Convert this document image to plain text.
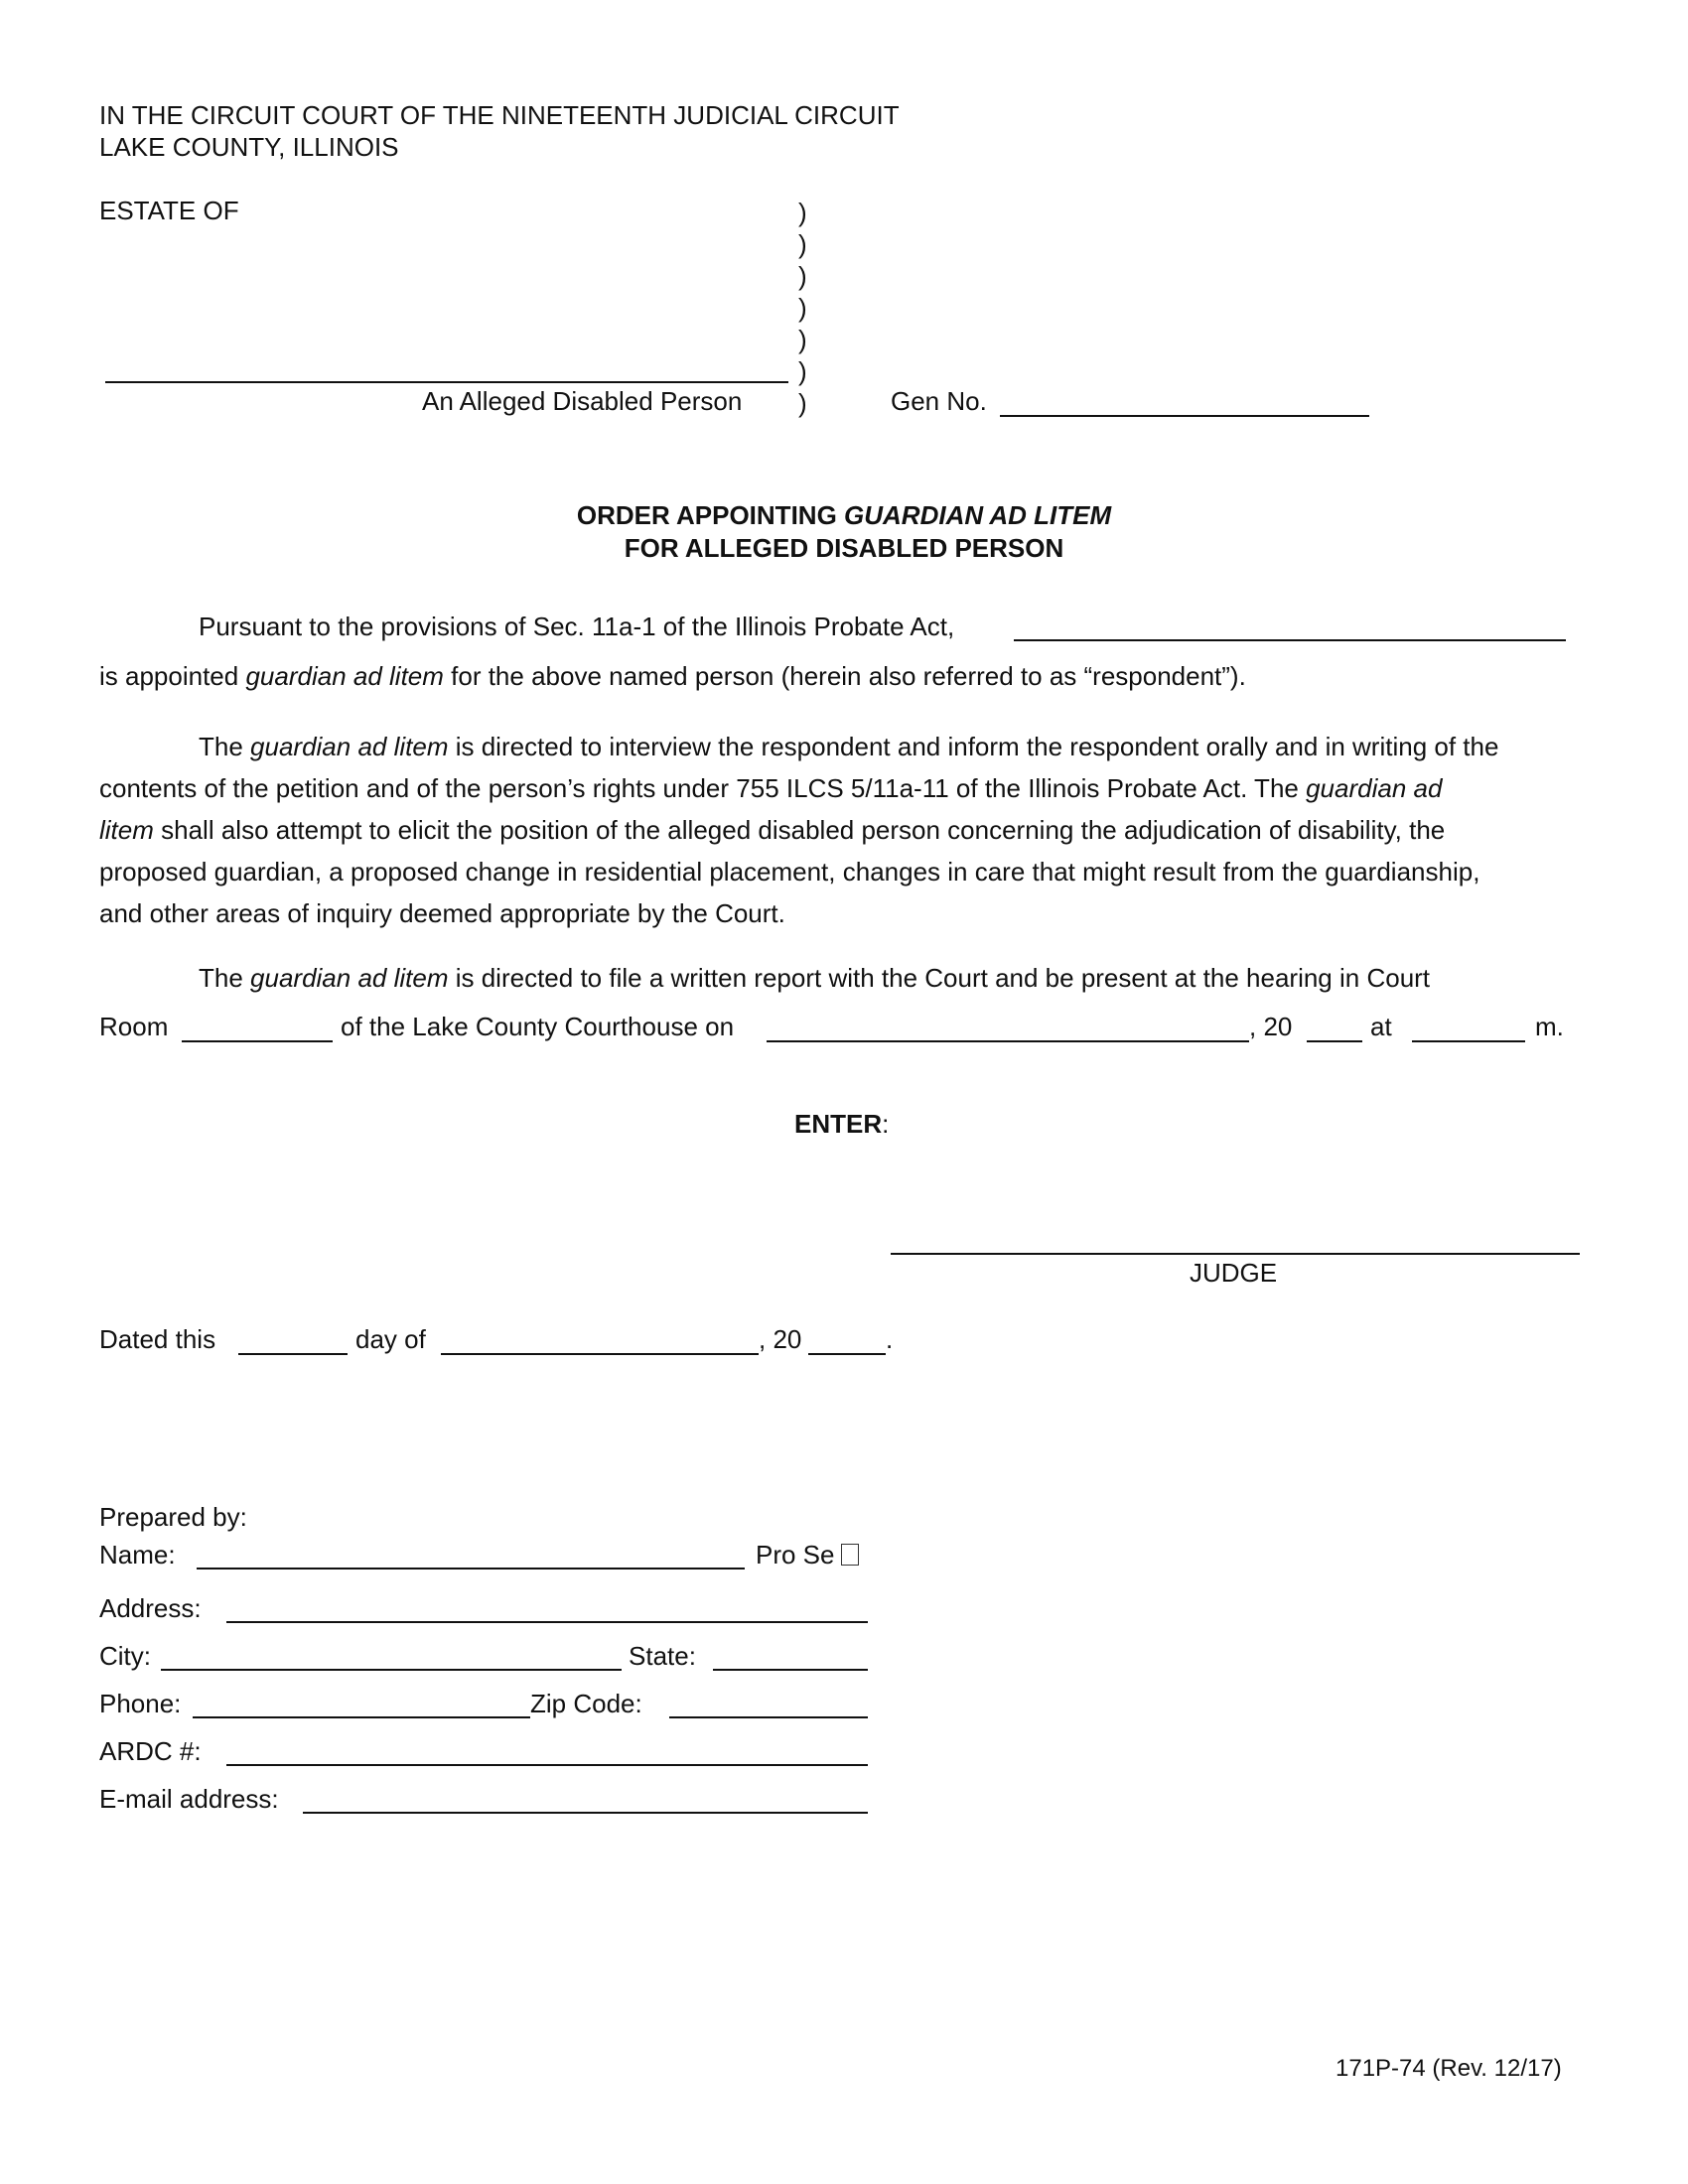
IN THE CIRCUIT COURT OF THE NINETEENTH JUDICIAL CIRCUIT
LAKE COUNTY, ILLINOIS
ESTATE OF	)
)
)
)
)
)
)
An Alleged Disabled Person	Gen No.
ORDER APPOINTING GUARDIAN AD LITEM
FOR ALLEGED DISABLED PERSON
Pursuant to the provisions of Sec. 11a-1 of the Illinois Probate Act,
is appointed guardian ad litem for the above named person (herein also referred to as “respondent”).
The guardian ad litem is directed to interview the respondent and inform the respondent orally and in writing of the
contents of the petition and of the person’s rights under 755 ILCS 5/11a-11 of the Illinois Probate Act. The guardian ad
litem shall also attempt to elicit the position of the alleged disabled person concerning the adjudication of disability, the
proposed guardian, a proposed change in residential placement, changes in care that might result from the guardianship,
and other areas of inquiry deemed appropriate by the Court.
The guardian ad litem is directed to file a written report with the Court and be present at the hearing in Court
Room	of the Lake County Courthouse on	, 20	at	m.
ENTER:
JUDGE
Dated this	day of	, 20	.
Prepared by:
Name:	Pro Se
Address:
City:	State:
Phone:	Zip Code:
ARDC #:
E-mail address:
171P-74 (Rev. 12/17)
